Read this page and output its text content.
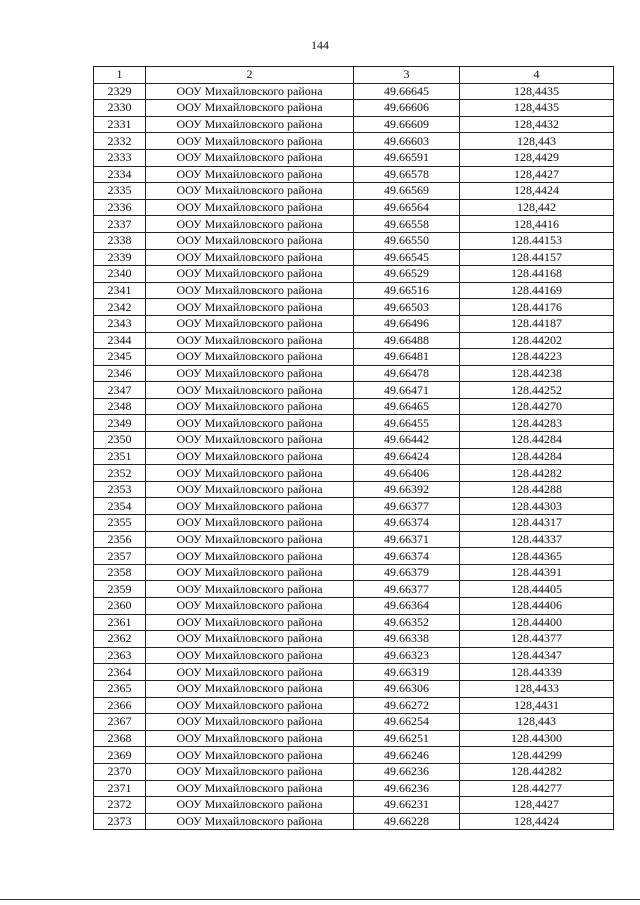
144
1	2	3	4
2329	ООУ Михайловского района	49.66645	128,4435
2330	ООУ Михайловского района	49.66606	128,4435
2331	ООУ Михайловского района	49.66609	128,4432
2332	ООУ Михайловского района	49.66603	128,443
2333	ООУ Михайловского района	49.66591	128,4429
2334	ООУ Михайловского района	49.66578	128,4427
2335	ООУ Михайловского района	49.66569	128,4424
2336	ООУ Михайловского района	49.66564	128,442
2337	ООУ Михайловского района	49.66558	128,4416
2338	ООУ Михайловского района	49.66550	128.44153
2339	ООУ Михайловского района	49.66545	128.44157
2340	ООУ Михайловского района	49.66529	128.44168
2341	ООУ Михайловского района	49.66516	128.44169
2342	ООУ Михайловского района	49.66503	128.44176
2343	ООУ Михайловского района	49.66496	128.44187
2344	ООУ Михайловского района	49.66488	128.44202
2345	ООУ Михайловского района	49.66481	128.44223
2346	ООУ Михайловского района	49.66478	128.44238
2347	ООУ Михайловского района	49.66471	128.44252
2348	ООУ Михайловского района	49.66465	128.44270
2349	ООУ Михайловского района	49.66455	128.44283
2350	ООУ Михайловского района	49.66442	128.44284
2351	ООУ Михайловского района	49.66424	128.44284
2352	ООУ Михайловского района	49.66406	128.44282
2353	ООУ Михайловского района	49.66392	128.44288
2354	ООУ Михайловского района	49.66377	128.44303
2355	ООУ Михайловского района	49.66374	128.44317
2356	ООУ Михайловского района	49.66371	128.44337
2357	ООУ Михайловского района	49.66374	128.44365
2358	ООУ Михайловского района	49.66379	128.44391
2359	ООУ Михайловского района	49.66377	128.44405
2360	ООУ Михайловского района	49.66364	128.44406
2361	ООУ Михайловского района	49.66352	128.44400
2362	ООУ Михайловского района	49.66338	128.44377
2363	ООУ Михайловского района	49.66323	128.44347
2364	ООУ Михайловского района	49.66319	128.44339
2365	ООУ Михайловского района	49.66306	128,4433
2366	ООУ Михайловского района	49.66272	128,4431
2367	ООУ Михайловского района	49.66254	128,443
2368	ООУ Михайловского района	49.66251	128.44300
2369	ООУ Михайловского района	49.66246	128.44299
2370	ООУ Михайловского района	49.66236	128.44282
2371	ООУ Михайловского района	49.66236	128.44277
2372	ООУ Михайловского района	49.66231	128,4427
2373	ООУ Михайловского района	49.66228	128,4424
